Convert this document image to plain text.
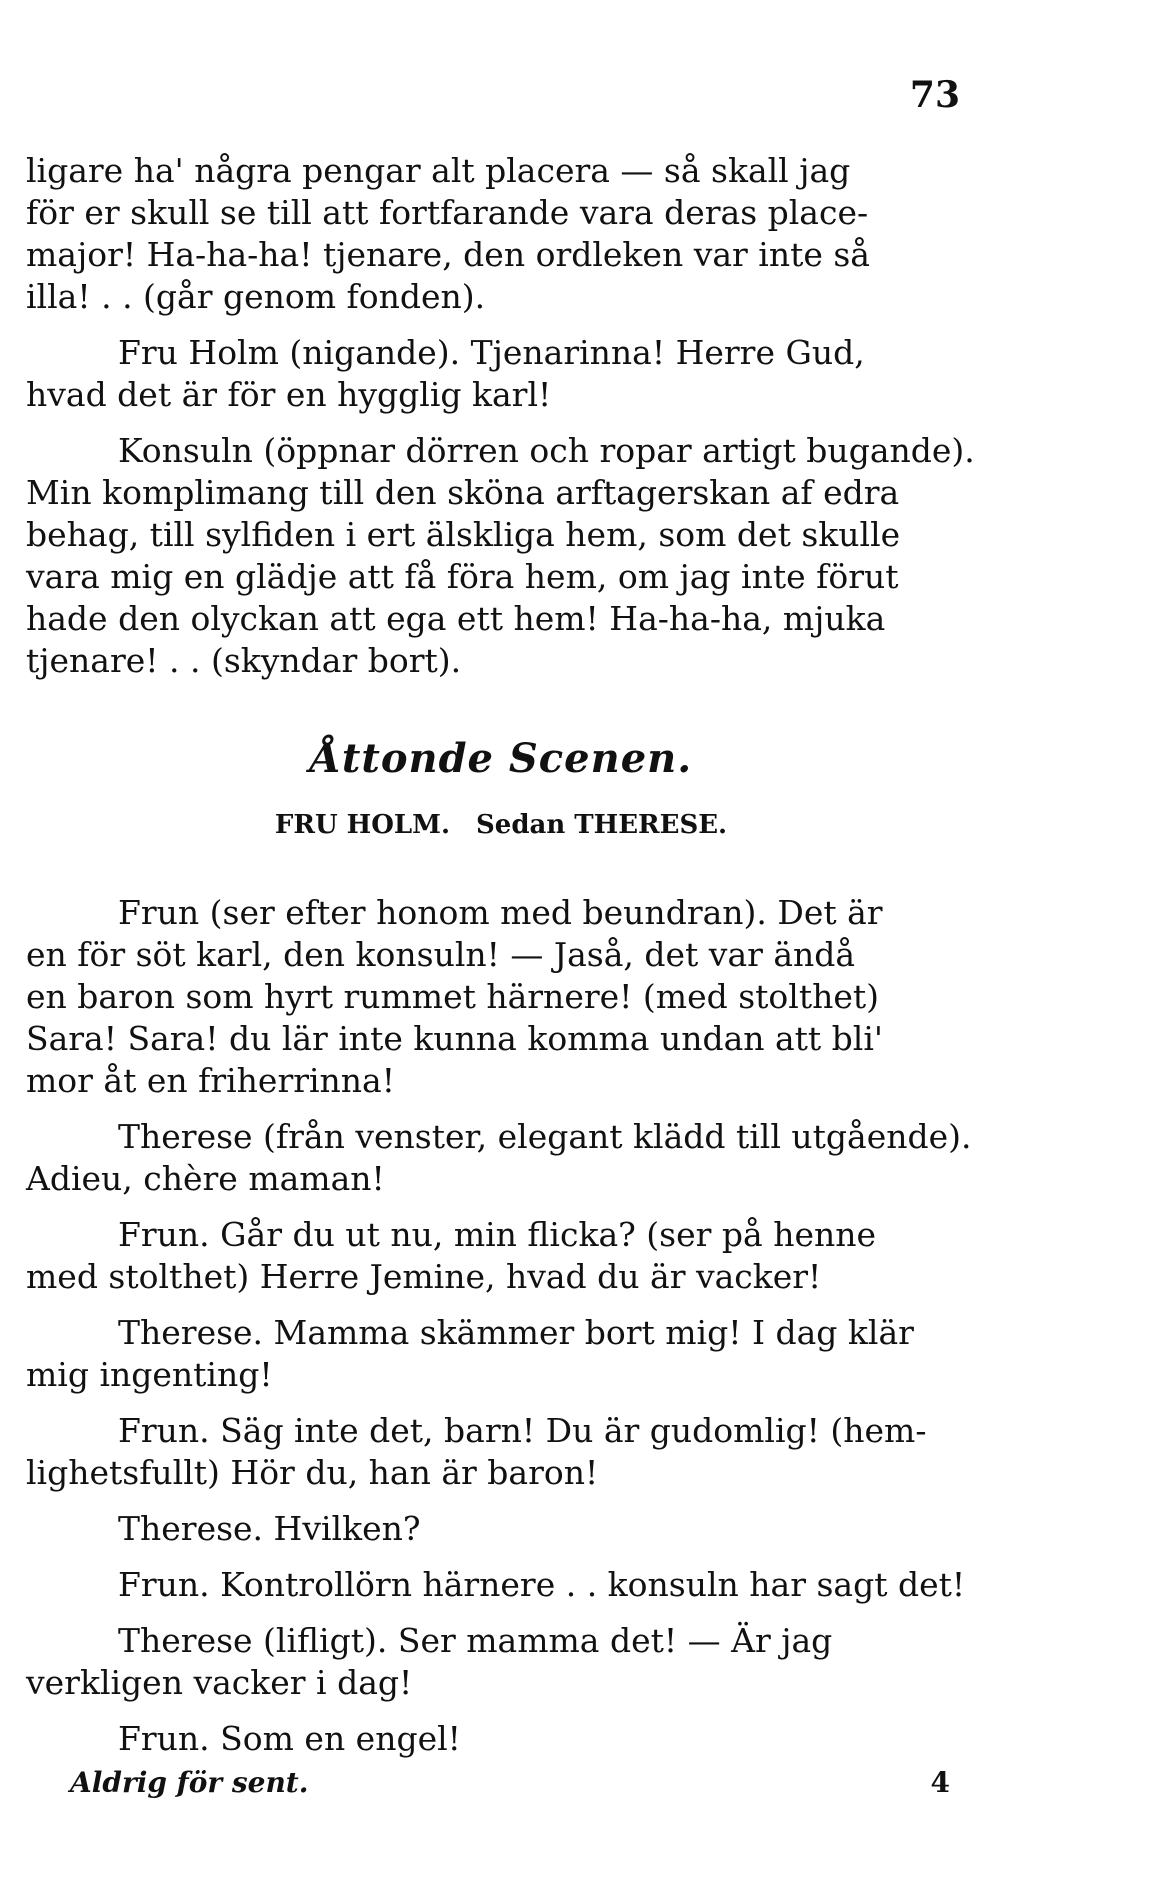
73
ligare ha' några pengar alt placera — så skall jag
för er skull se till att fortfarande vara deras place-
major! Ha-ha-ha! tjenare, den ordleken var inte så
illa! . . (går genom fonden).
Fru Holm (nigande). Tjenarinna! Herre Gud,
hvad det är för en hygglig karl!
Konsuln (öppnar dörren och ropar artigt bugande).
Min komplimang till den sköna arftagerskan af edra
behag, till sylfiden i ert älskliga hem, som det skulle
vara mig en glädje att få föra hem, om jag inte förut
hade den olyckan att ega ett hem! Ha-ha-ha, mjuka
tjenare! . . (skyndar bort).
Åttonde Scenen.
FRU HOLM. Sedan THERESE.
Frun (ser efter honom med beundran). Det är
en för söt karl, den konsuln! — Jaså, det var ändå
en baron som hyrt rummet härnere! (med stolthet)
Sara! Sara! du lär inte kunna komma undan att bli'
mor åt en friherrinna!
Therese (från venster, elegant klädd till utgående).
Adieu, chère maman!
Frun. Går du ut nu, min flicka? (ser på henne
med stolthet) Herre Jemine, hvad du är vacker!
Therese. Mamma skämmer bort mig! I dag klär
mig ingenting!
Frun. Säg inte det, barn! Du är gudomlig! (hem-
lighetsfullt) Hör du, han är baron!
Therese. Hvilken?
Frun. Kontrollörn härnere . . konsuln har sagt det!
Therese (lifligt). Ser mamma det! — Är jag
verkligen vacker i dag!
Frun. Som en engel!
Aldrig för sent.	4
